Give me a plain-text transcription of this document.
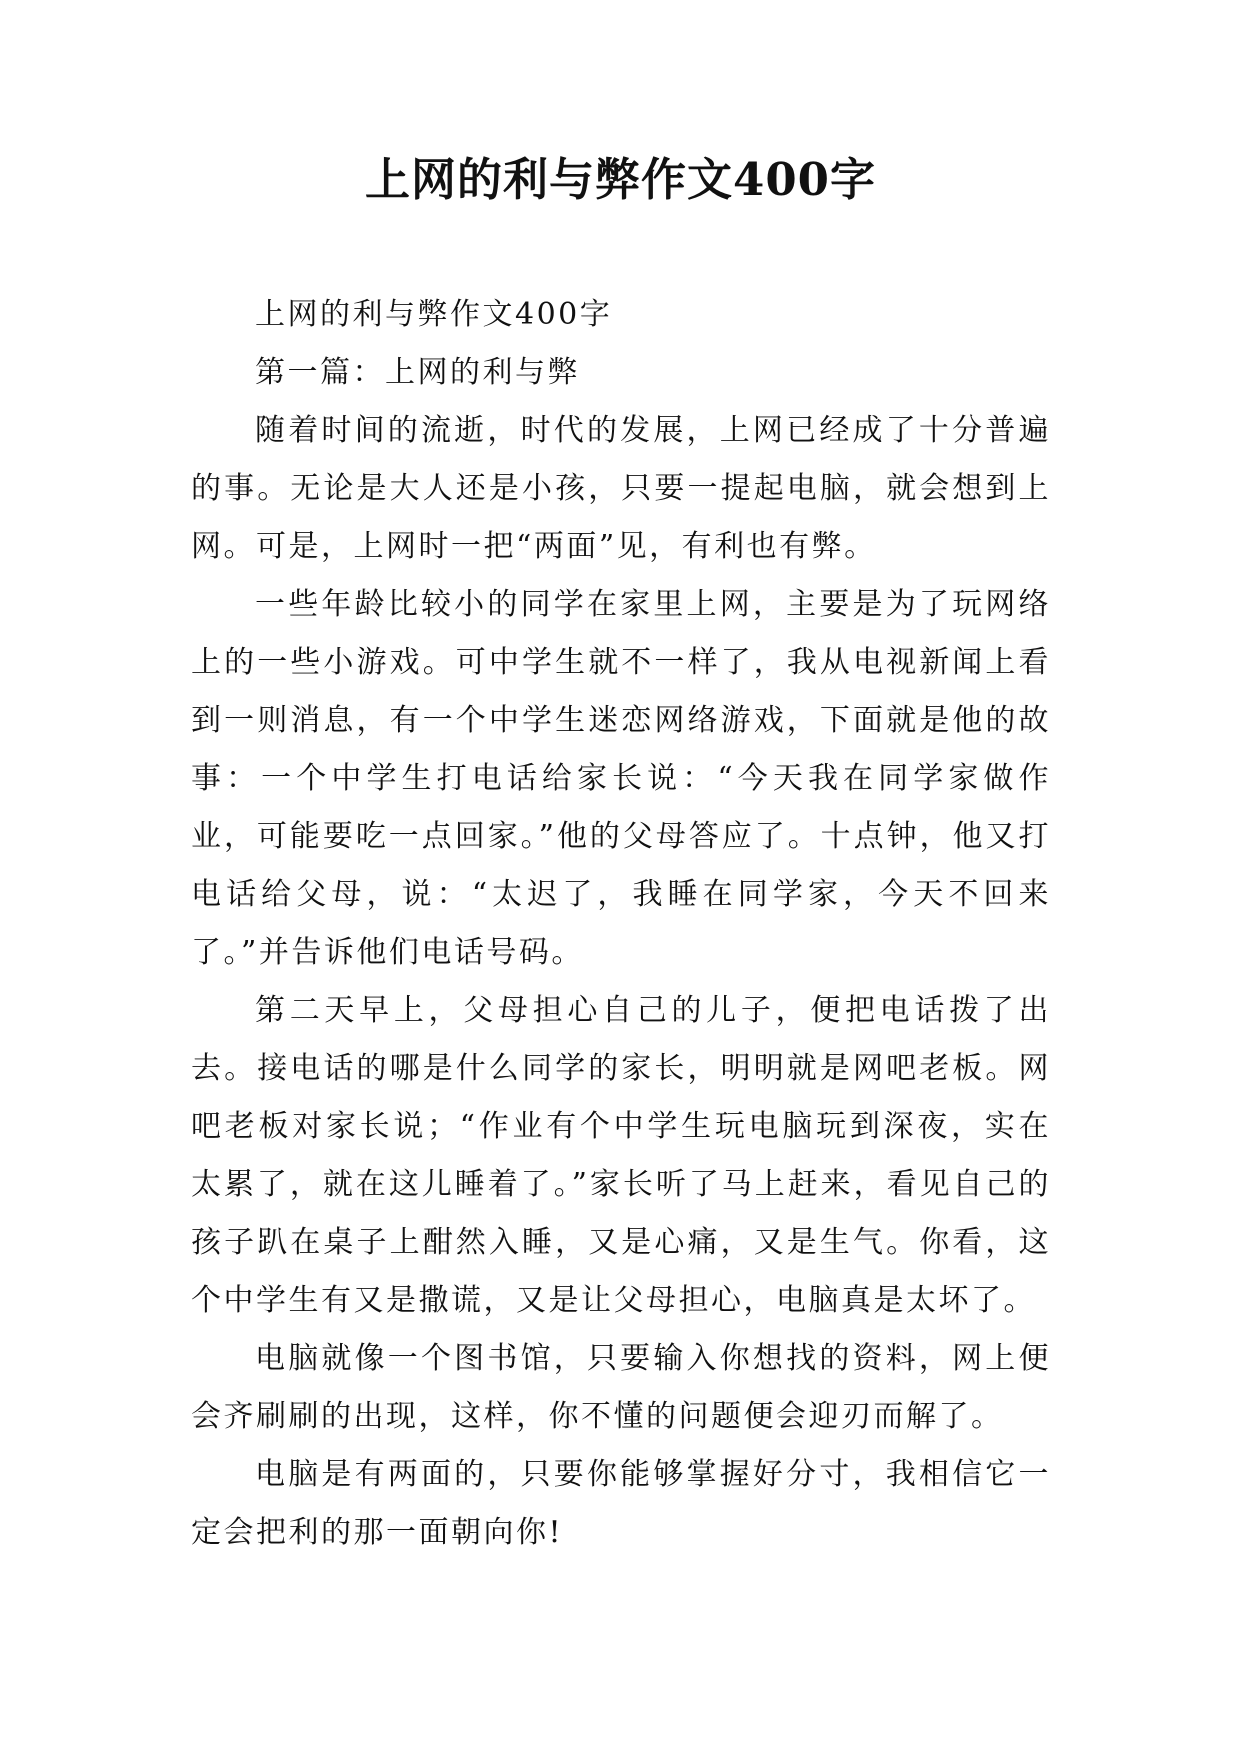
上网的利与弊作文400字

上网的利与弊作文400字

第一篇：上网的利与弊

随着时间的流逝，时代的发展，上网已经成了十分普遍的事。无论是大人还是小孩，只要一提起电脑，就会想到上网。可是，上网时一把“两面”见，有利也有弊。

一些年龄比较小的同学在家里上网，主要是为了玩网络上的一些小游戏。可中学生就不一样了，我从电视新闻上看到一则消息，有一个中学生迷恋网络游戏，下面就是他的故事：一个中学生打电话给家长说：“今天我在同学家做作业，可能要吃一点回家。”他的父母答应了。十点钟，他又打电话给父母，说：“太迟了，我睡在同学家，今天不回来了。”并告诉他们电话号码。

第二天早上，父母担心自己的儿子，便把电话拨了出去。接电话的哪是什么同学的家长，明明就是网吧老板。网吧老板对家长说；“作业有个中学生玩电脑玩到深夜，实在太累了，就在这儿睡着了。”家长听了马上赶来，看见自己的孩子趴在桌子上酣然入睡，又是心痛，又是生气。你看，这个中学生有又是撒谎，又是让父母担心，电脑真是太坏了。

电脑就像一个图书馆，只要输入你想找的资料，网上便会齐刷刷的出现，这样，你不懂的问题便会迎刃而解了。

电脑是有两面的，只要你能够掌握好分寸，我相信它一定会把利的那一面朝向你!
